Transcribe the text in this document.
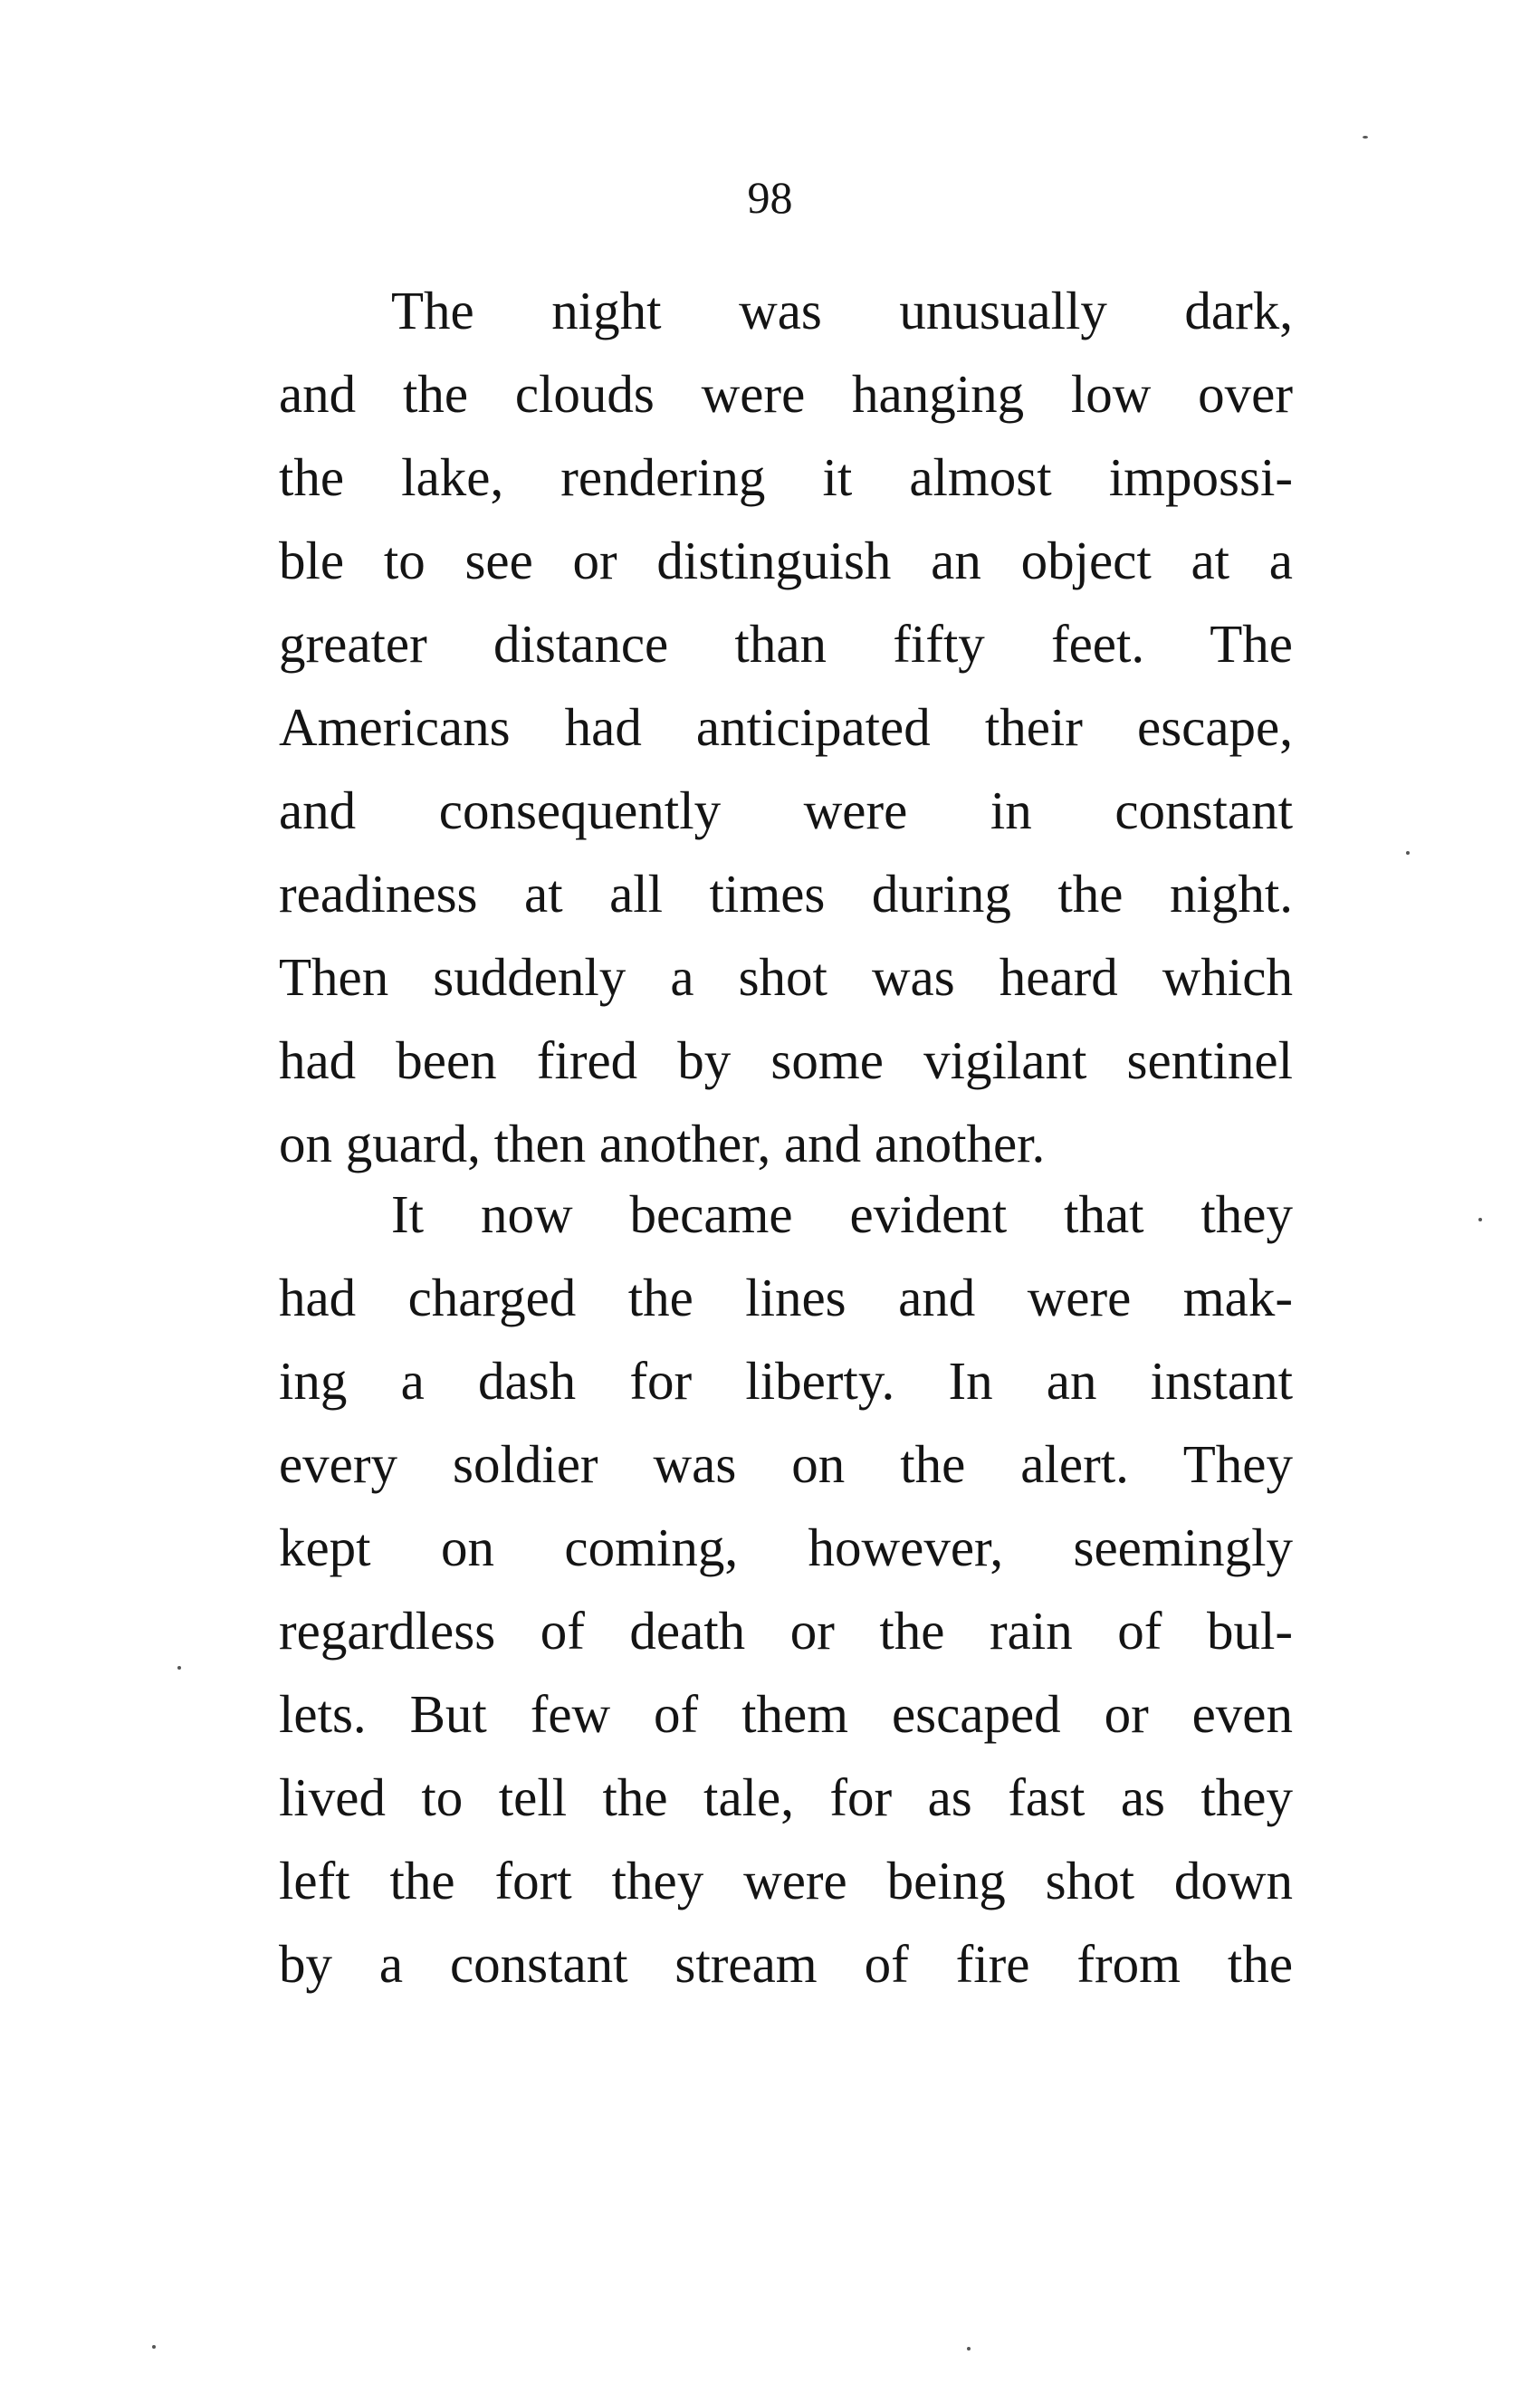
98
The night was unusually dark,
and the clouds were hanging low over
the lake, rendering it almost impossi-
ble to see or distinguish an object at a
greater distance than fifty feet. The
Americans had anticipated their escape,
and consequently were in constant
readiness at all times during the night.
Then suddenly a shot was heard which
had been fired by some vigilant sentinel
on guard, then another, and another.
It now became evident that they
had charged the lines and were mak-
ing a dash for liberty. In an instant
every soldier was on the alert. They
kept on coming, however, seemingly
regardless of death or the rain of bul-
lets. But few of them escaped or even
lived to tell the tale, for as fast as they
left the fort they were being shot down
by a constant stream of fire from the
